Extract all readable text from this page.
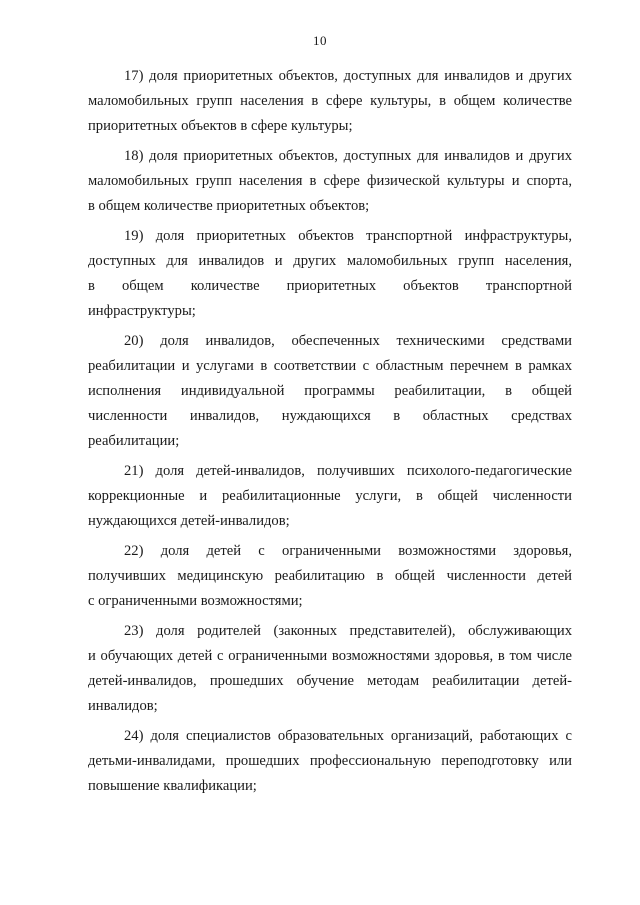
10
17) доля приоритетных объектов, доступных для инвалидов и других
маломобильных групп населения в сфере культуры, в общем количестве
приоритетных объектов в сфере культуры;
18) доля приоритетных объектов, доступных для инвалидов и других
маломобильных групп населения в сфере физической культуры и спорта,
в общем количестве приоритетных объектов;
19) доля приоритетных объектов транспортной инфраструктуры,
доступных для инвалидов и других маломобильных групп населения,
в общем количестве приоритетных объектов транспортной
инфраструктуры;
20) доля инвалидов, обеспеченных техническими средствами
реабилитации и услугами в соответствии с областным перечнем в рамках
исполнения индивидуальной программы реабилитации, в общей
численности инвалидов, нуждающихся в областных средствах
реабилитации;
21) доля детей-инвалидов, получивших психолого-педагогические
коррекционные и реабилитационные услуги, в общей численности
нуждающихся детей-инвалидов;
22) доля детей с ограниченными возможностями здоровья,
получивших медицинскую реабилитацию в общей численности детей
с ограниченными возможностями;
23) доля родителей (законных представителей), обслуживающих
и обучающих детей с ограниченными возможностями здоровья, в том числе
детей-инвалидов, прошедших обучение методам реабилитации детей-
инвалидов;
24) доля специалистов образовательных организаций, работающих с
детьми-инвалидами, прошедших профессиональную переподготовку или
повышение квалификации;
